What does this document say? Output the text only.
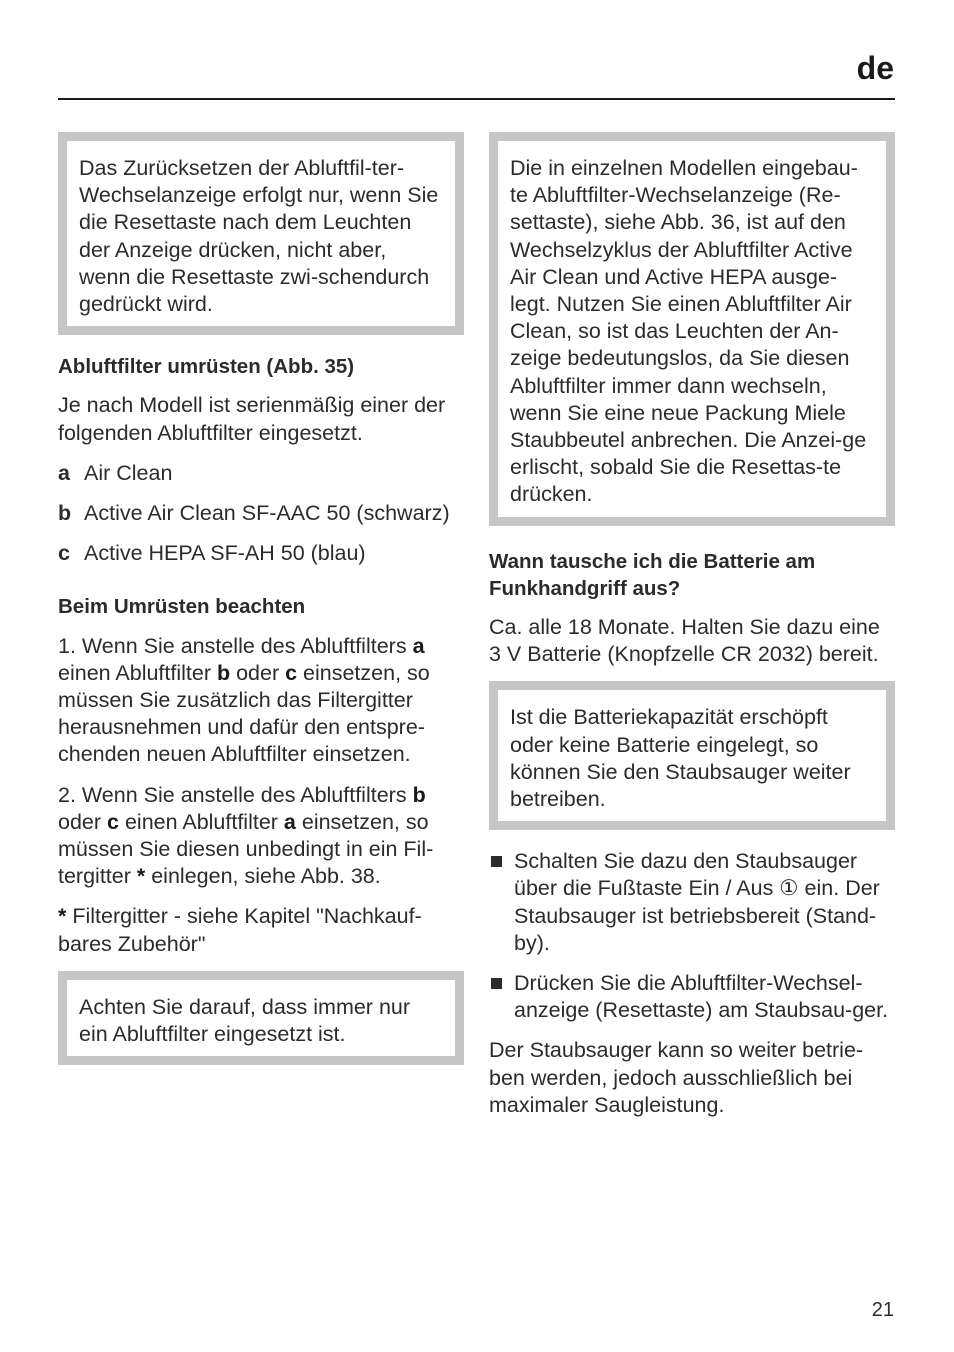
de

Das Zurücksetzen der Abluftfil-ter-Wechselanzeige erfolgt nur, wenn Sie die Resettaste nach dem Leuchten der Anzeige drücken, nicht aber, wenn die Resettaste zwi-schendurch gedrückt wird.

Abluftfilter umrüsten (Abb. 35)

Je nach Modell ist serienmäßig einer der folgenden Abluftfilter eingesetzt.

a Air Clean
b Active Air Clean SF-AAC 50 (schwarz)
c Active HEPA SF-AH 50 (blau)

Beim Umrüsten beachten

1. Wenn Sie anstelle des Abluftfilters a einen Abluftfilter b oder c einsetzen, so müssen Sie zusätzlich das Filtergitter herausnehmen und dafür den entspre-chenden neuen Abluftfilter einsetzen.

2. Wenn Sie anstelle des Abluftfilters b oder c einen Abluftfilter a einsetzen, so müssen Sie diesen unbedingt in ein Fil-tergitter * einlegen, siehe Abb. 38.

* Filtergitter - siehe Kapitel "Nachkauf-bares Zubehör"

Achten Sie darauf, dass immer nur ein Abluftfilter eingesetzt ist.

Die in einzelnen Modellen eingebau-te Abluftfilter-Wechselanzeige (Re-settaste), siehe Abb. 36, ist auf den Wechselzyklus der Abluftfilter Active Air Clean und Active HEPA ausge-legt. Nutzen Sie einen Abluftfilter Air Clean, so ist das Leuchten der An-zeige bedeutungslos, da Sie diesen Abluftfilter immer dann wechseln, wenn Sie eine neue Packung Miele Staubbeutel anbrechen. Die Anzei-ge erlischt, sobald Sie die Resettas-te drücken.

Wann tausche ich die Batterie am Funkhandgriff aus?

Ca. alle 18 Monate. Halten Sie dazu eine 3 V Batterie (Knopfzelle CR 2032) bereit.

Ist die Batteriekapazität erschöpft oder keine Batterie eingelegt, so können Sie den Staubsauger weiter betreiben.

Schalten Sie dazu den Staubsauger über die Fußtaste Ein / Aus ① ein. Der Staubsauger ist betriebsbereit (Stand-by).
Drücken Sie die Abluftfilter-Wechsel-anzeige (Resettaste) am Staubsau-ger.

Der Staubsauger kann so weiter betrie-ben werden, jedoch ausschließlich bei maximaler Saugleistung.

21
